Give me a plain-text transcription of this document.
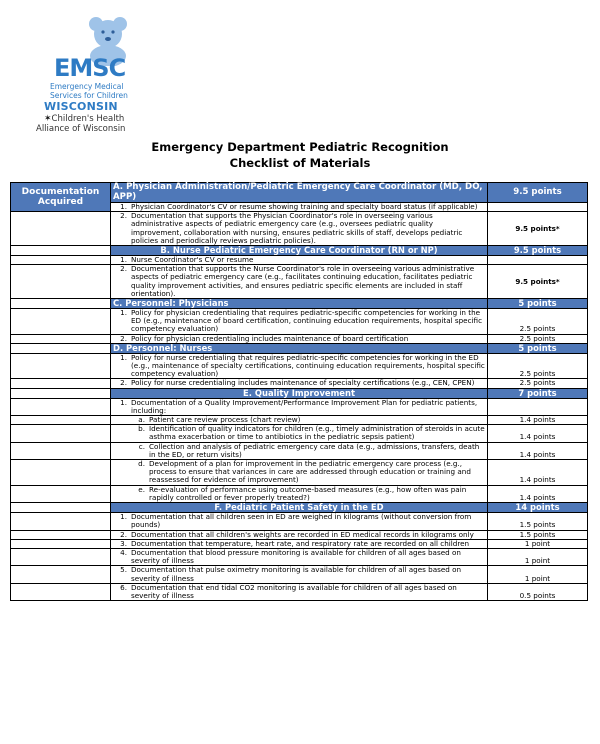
EMSC
Emergency Medical
Services for Children
WISCONSIN
✶Children's Health
Alliance of Wisconsin
Emergency Department Pediatric Recognition
Checklist of Materials
Documentation Acquired	A. Physician Administration/Pediatric Emergency Care Coordinator (MD, DO, APP)	9.5 points

	1. Physician Coordinator's CV or resume showing training and specialty board status (if applicable)	

	2. Documentation that supports the Physician Coordinator's role in overseeing various administrative aspects of pediatric emergency care (e.g., oversees pediatric quality improvement, collaboration with nursing, ensures pediatric skills of staff, develops pediatric policies and periodically reviews pediatric policies).	9.5 points*
	B. Nurse Pediatric Emergency Care Coordinator (RN or NP)	9.5 points

	1. Nurse Coordinator's CV or resume	

	2. Documentation that supports the Nurse Coordinator's role in overseeing various administrative aspects of pediatric emergency care (e.g., facilitates continuing education, facilitates pediatric quality improvement activities, and ensures pediatric specific elements are included in staff orientation).	9.5 points*
	C. Personnel: Physicians	5 points

	1. Policy for physician credentialing that requires pediatric-specific competencies for working in the ED (e.g., maintenance of board certification, continuing education requirements, hospital specific competency evaluation)	2.5 points

	2. Policy for physician credentialing includes maintenance of board certification	2.5 points
	D. Personnel: Nurses	5 points

	1. Policy for nurse credentialing that requires pediatric-specific competencies for working in the ED (e.g., maintenance of specialty certifications, continuing education requirements, hospital specific competency evaluation)	2.5 points

	2. Policy for nurse credentialing includes maintenance of specialty certifications (e.g., CEN, CPEN)	2.5 points
	E. Quality Improvement	7 points

	1. Documentation of a Quality Improvement/Performance Improvement Plan for pediatric patients, including:	

	a. Patient care review process (chart review)	1.4 points

	b. Identification of quality indicators for children (e.g., timely administration of steroids in acute asthma exacerbation or time to antibiotics in the pediatric sepsis patient)	1.4 points

	c. Collection and analysis of pediatric emergency care data (e.g., admissions, transfers, death in the ED, or return visits)	1.4 points

	d. Development of a plan for improvement in the pediatric emergency care process (e.g., process to ensure that variances in care are addressed through education or training and reassessed for evidence of improvement)	1.4 points

	e. Re-evaluation of performance using outcome-based measures (e.g., how often was pain rapidly controlled or fever properly treated?)	1.4 points
	F. Pediatric Patient Safety in the ED	14 points

	1. Documentation that all children seen in ED are weighed in kilograms (without conversion from pounds)	1.5 points

	2. Documentation that all children's weights are recorded in ED medical records in kilograms only	1.5 points

	3. Documentation that temperature, heart rate, and respiratory rate are recorded on all children	1 point

	4. Documentation that blood pressure monitoring is available for children of all ages based on severity of illness	1 point

	5. Documentation that pulse oximetry monitoring is available for children of all ages based on severity of illness	1 point

	6. Documentation that end tidal CO2 monitoring is available for children of all ages based on severity of illness	0.5 points
